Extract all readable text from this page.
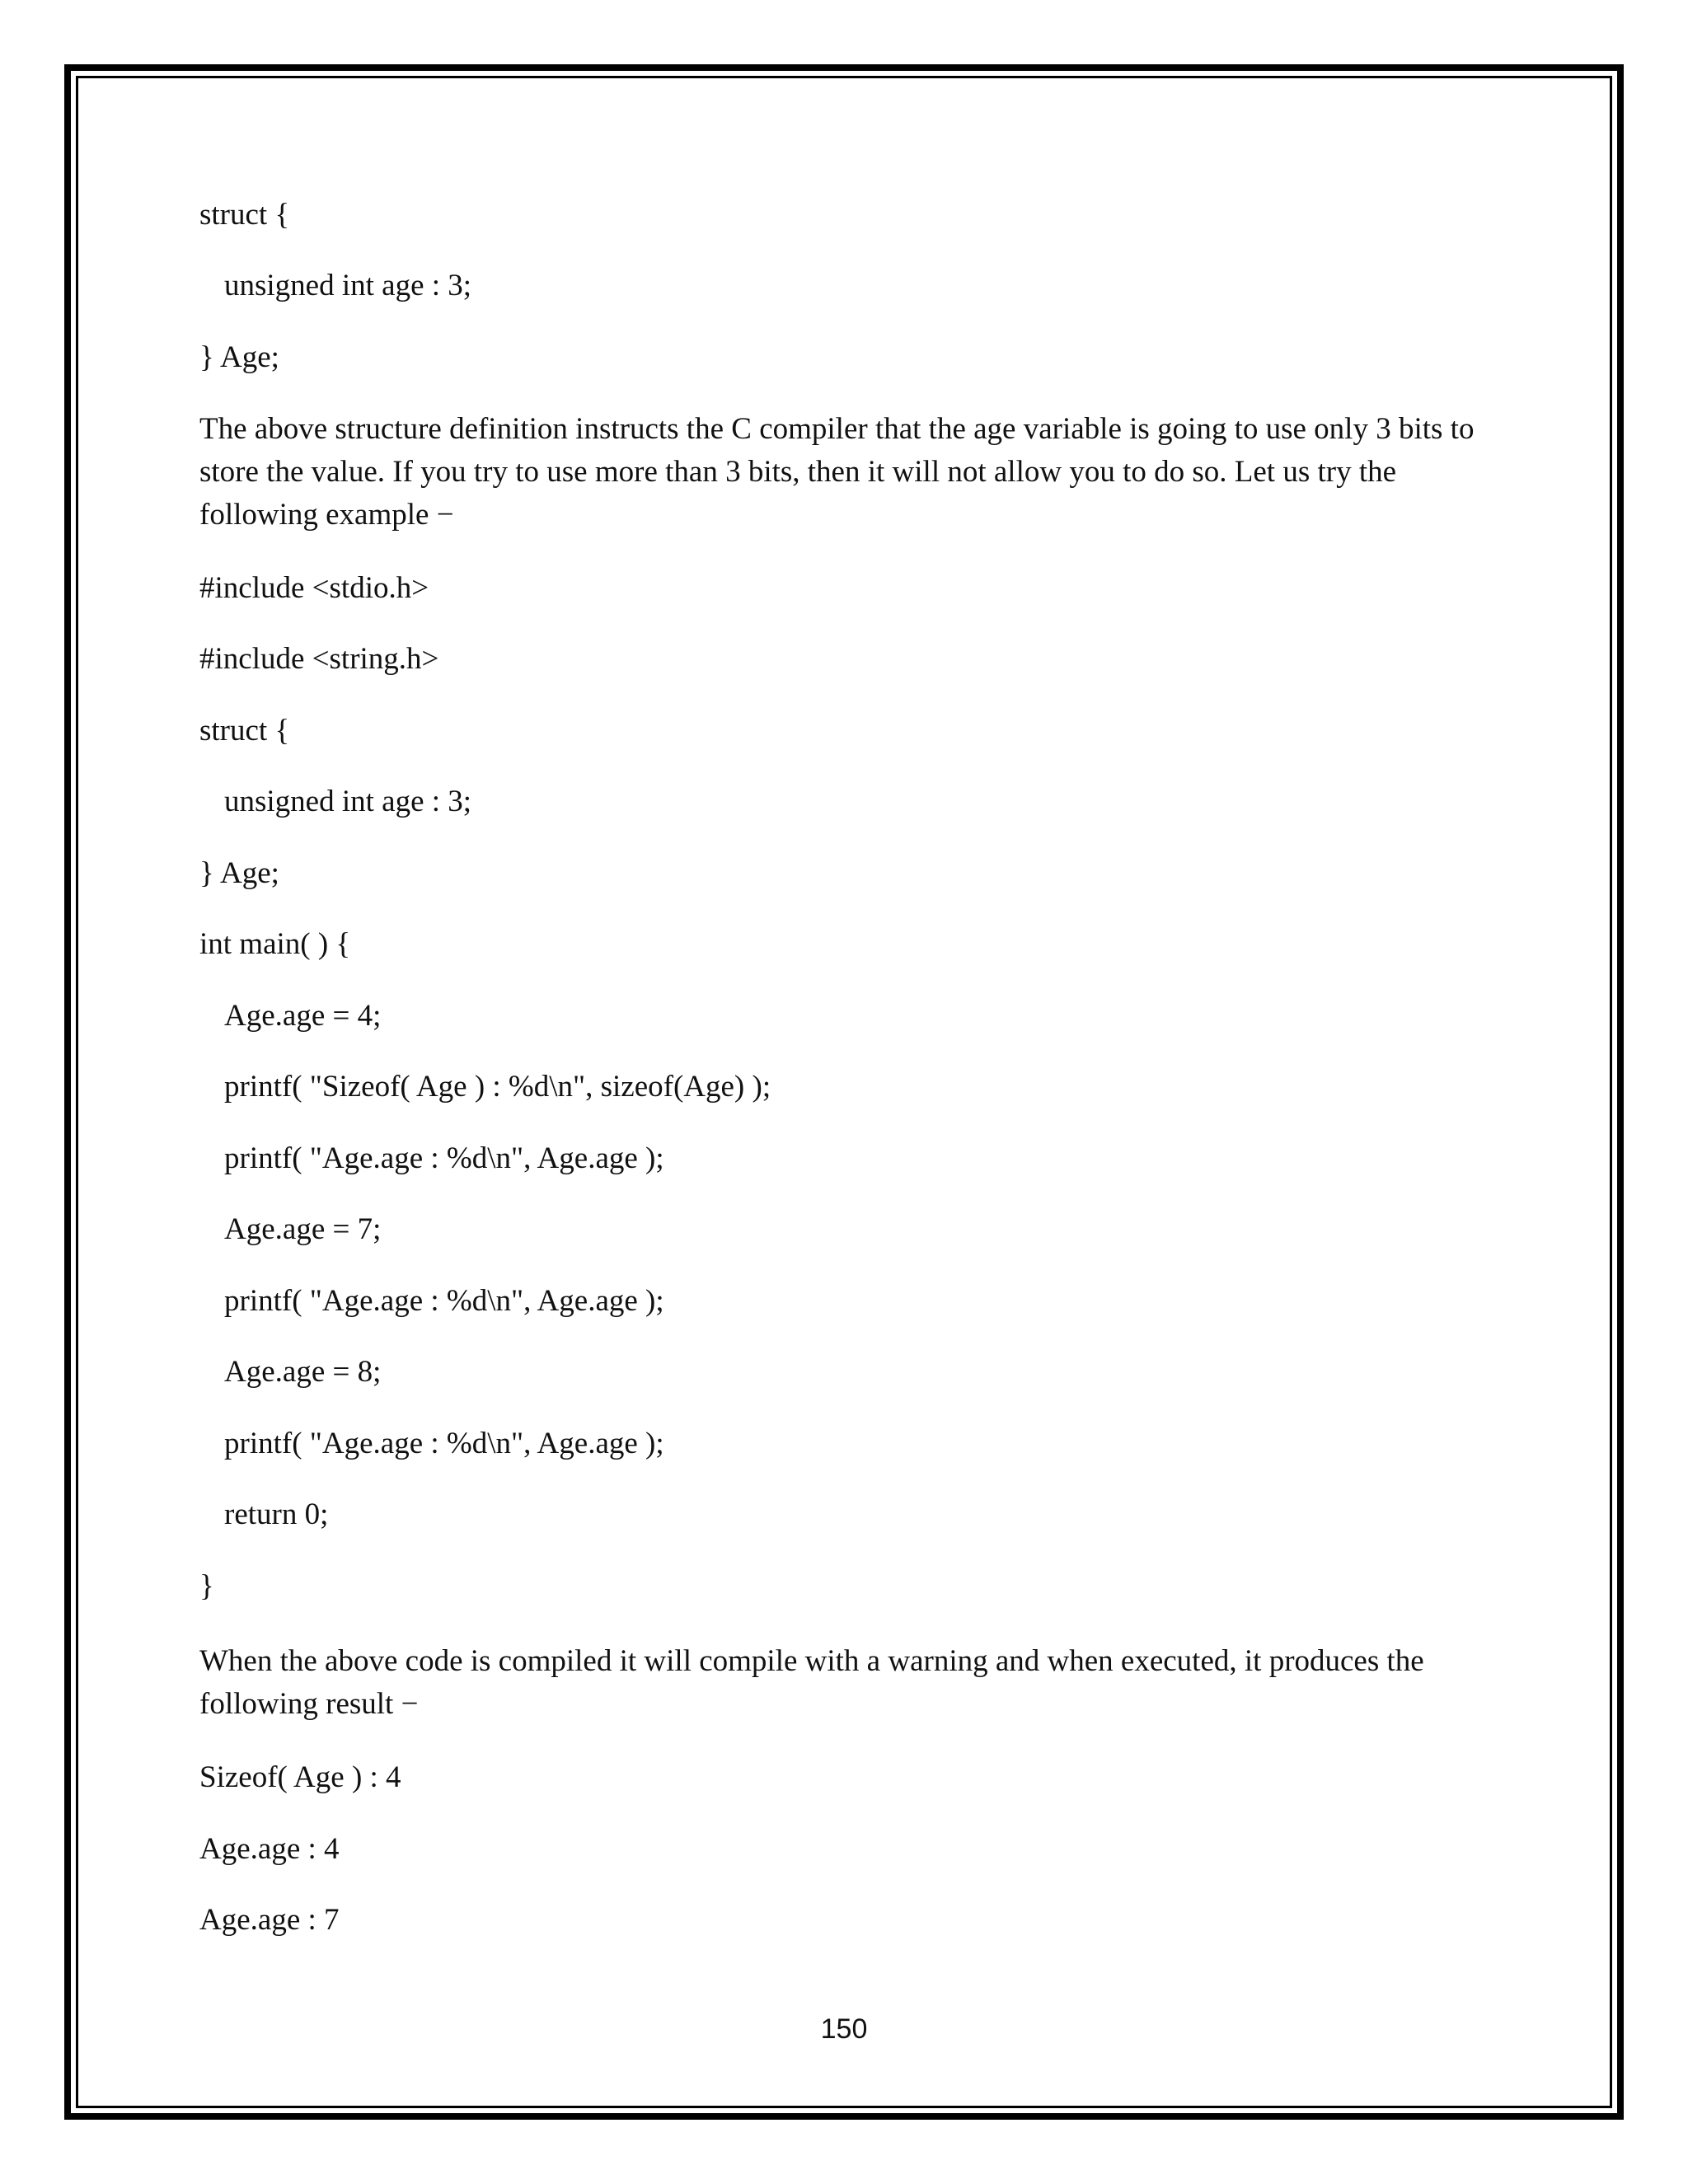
struct {
unsigned int age : 3;
} Age;
The above structure definition instructs the C compiler that the age variable is going to use only 3 bits to store the value. If you try to use more than 3 bits, then it will not allow you to do so. Let us try the following example −
#include <stdio.h>
#include <string.h>
struct {
unsigned int age : 3;
} Age;
int main( ) {
Age.age = 4;
printf( "Sizeof( Age ) : %d\n", sizeof(Age) );
printf( "Age.age : %d\n", Age.age );
Age.age = 7;
printf( "Age.age : %d\n", Age.age );
Age.age = 8;
printf( "Age.age : %d\n", Age.age );
return 0;
}
When the above code is compiled it will compile with a warning and when executed, it produces the following result −
Sizeof( Age ) : 4
Age.age : 4
Age.age : 7
150
